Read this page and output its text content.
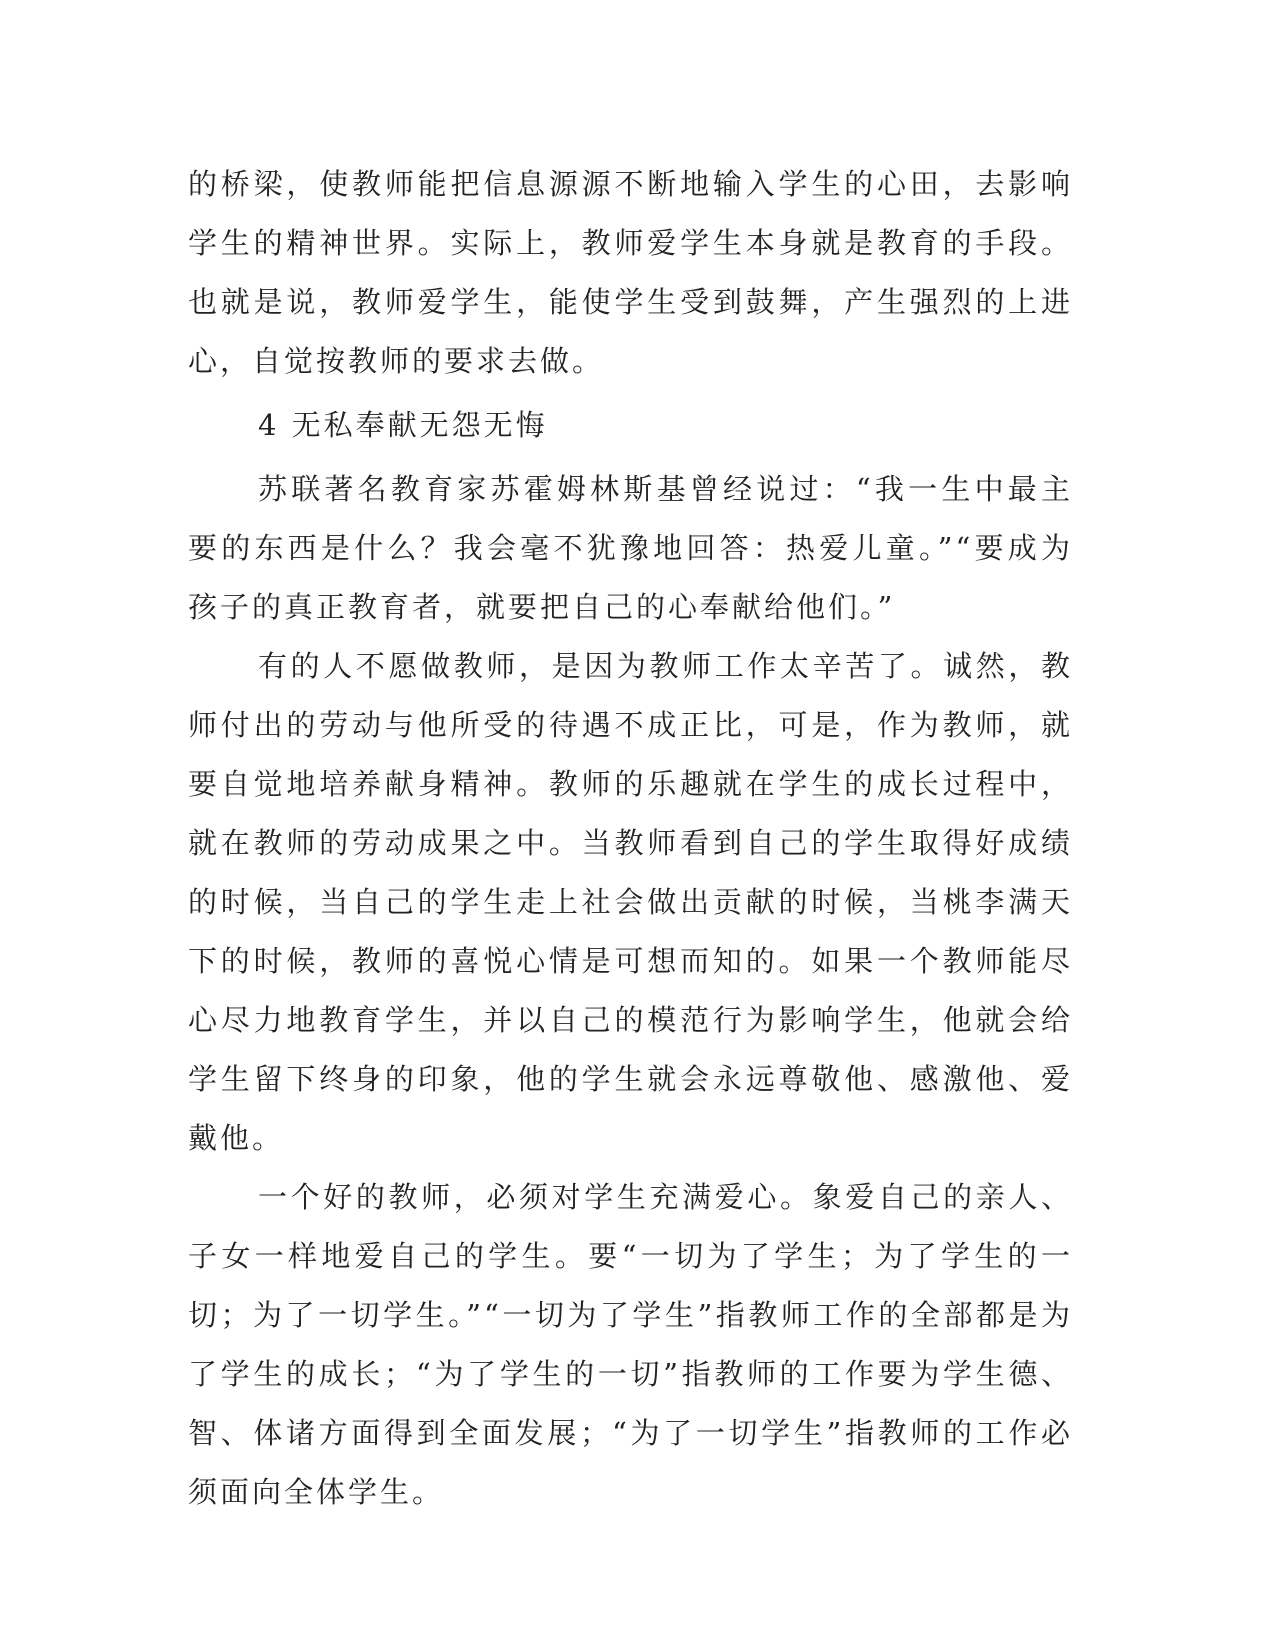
的桥梁，使教师能把信息源源不断地输入学生的心田，去影响学生的精神世界。实际上，教师爱学生本身就是教育的手段。也就是说，教师爱学生，能使学生受到鼓舞，产生强烈的上进心，自觉按教师的要求去做。

4 无私奉献无怨无悔

苏联著名教育家苏霍姆林斯基曾经说过：“我一生中最主要的东西是什么？我会毫不犹豫地回答：热爱儿童。”“要成为孩子的真正教育者，就要把自己的心奉献给他们。”

有的人不愿做教师，是因为教师工作太辛苦了。诚然，教师付出的劳动与他所受的待遇不成正比，可是，作为教师，就要自觉地培养献身精神。教师的乐趣就在学生的成长过程中，就在教师的劳动成果之中。当教师看到自己的学生取得好成绩的时候，当自己的学生走上社会做出贡献的时候，当桃李满天下的时候，教师的喜悦心情是可想而知的。如果一个教师能尽心尽力地教育学生，并以自己的模范行为影响学生，他就会给学生留下终身的印象，他的学生就会永远尊敬他、感激他、爱戴他。

一个好的教师，必须对学生充满爱心。象爱自己的亲人、子女一样地爱自己的学生。要“一切为了学生；为了学生的一切；为了一切学生。”“一切为了学生”指教师工作的全部都是为了学生的成长；“为了学生的一切”指教师的工作要为学生德、智、体诸方面得到全面发展；“为了一切学生”指教师的工作必须面向全体学生。
